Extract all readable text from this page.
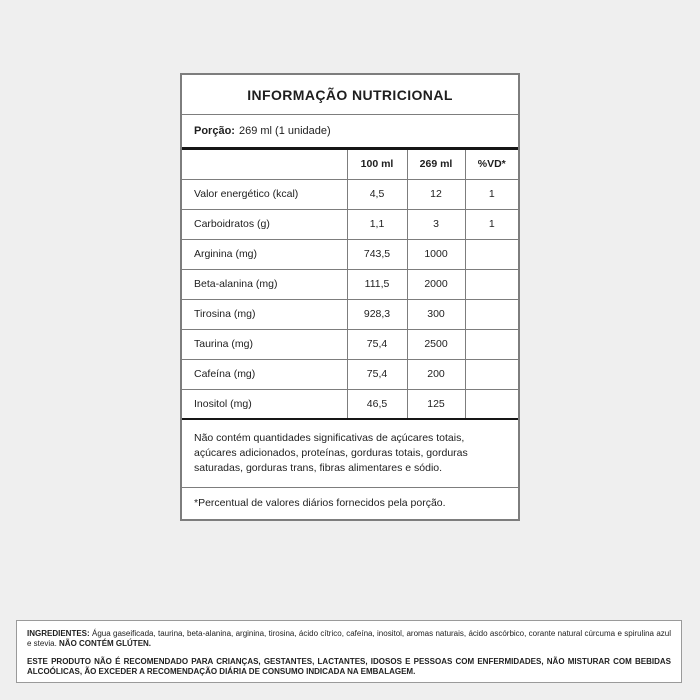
INFORMAÇÃO NUTRICIONAL
Porção: 269 ml (1 unidade)
	100 ml	269 ml	%VD*
Valor energético (kcal)	4,5	12	1
Carboidratos (g)	1,1	3	1
Arginina (mg)	743,5	1000	
Beta-alanina (mg)	111,5	2000	
Tirosina (mg)	928,3	300	
Taurina (mg)	75,4	2500	
Cafeína (mg)	75,4	200	
Inositol (mg)	46,5	125	
Não contém quantidades significativas de açúcares totais, açúcares adicionados, proteínas, gorduras totais, gorduras saturadas, gorduras trans, fibras alimentares e sódio.
*Percentual de valores diários fornecidos pela porção.

INGREDIENTES: Água gaseificada, taurina, beta-alanina, arginina, tirosina, ácido cítrico, cafeína, inositol, aromas naturais, ácido ascórbico, corante natural cúrcuma e spirulina azul e stevia. NÃO CONTÉM GLÚTEN.

ESTE PRODUTO NÃO É RECOMENDADO PARA CRIANÇAS, GESTANTES, LACTANTES, IDOSOS E PESSOAS COM ENFERMIDADES, NÃO MISTURAR COM BEBIDAS ALCOÓLICAS, ÃO EXCEDER A RECOMENDAÇÃO DIÁRIA DE CONSUMO INDICADA NA EMBALAGEM.
